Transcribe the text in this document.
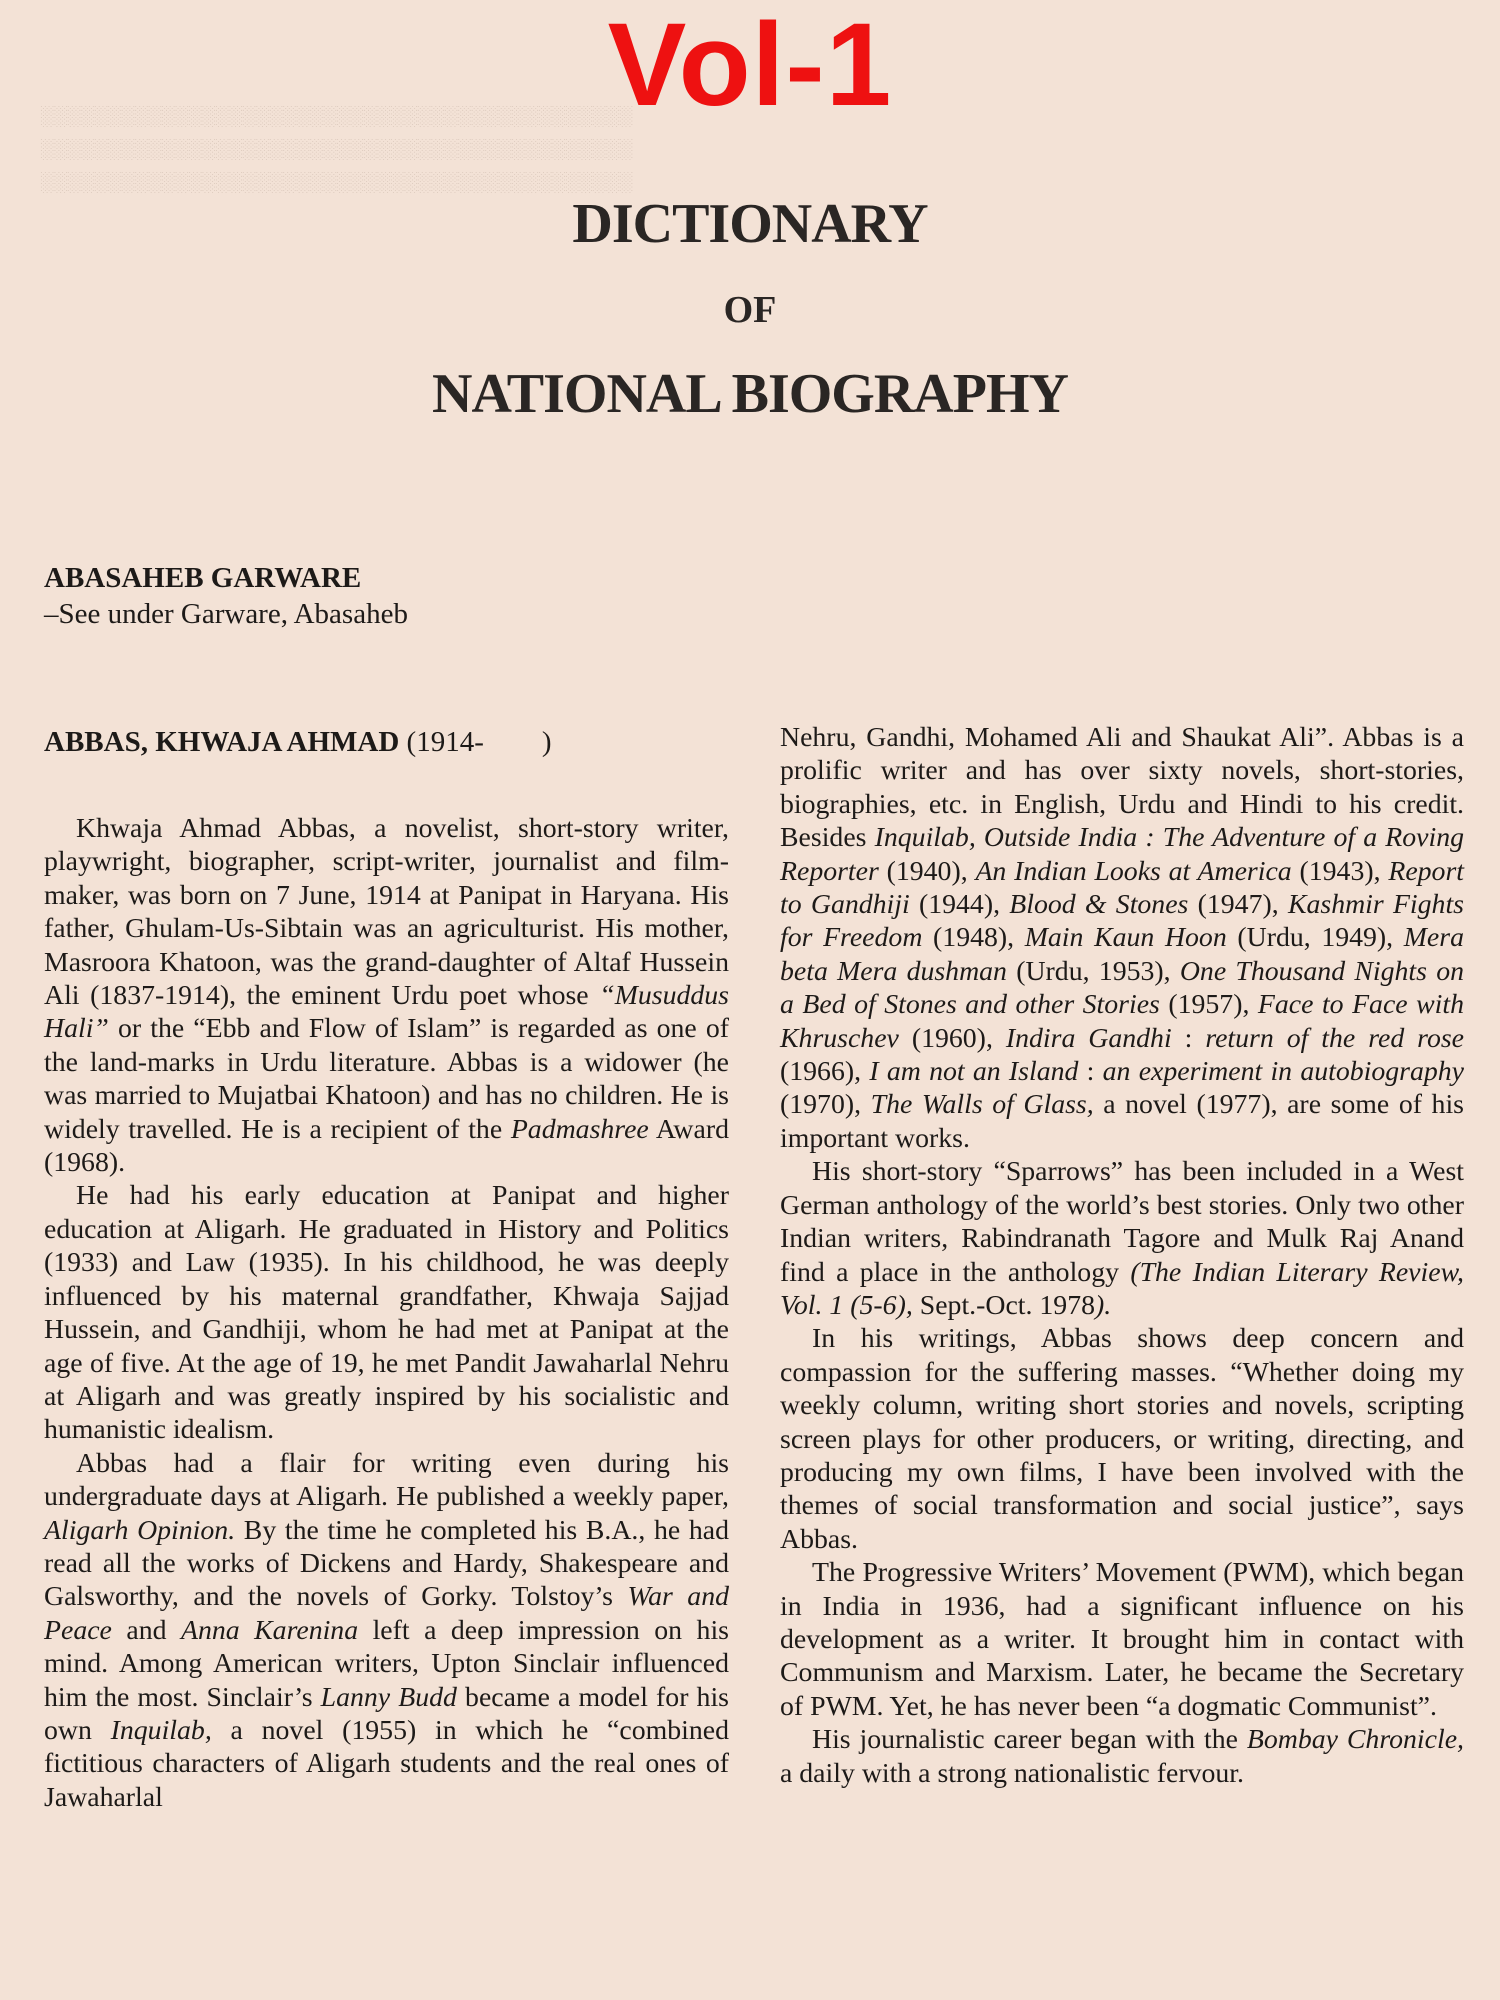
░░░░░░░░░░░░░░░░░░░░░░░░░░░░░░░░░░░░░░░░░░░░
░░░░░░░░░░░░░░░░░░░░░░░░░░░░░░░░░░░░░░░░░░░░
░░░░░░░░░░░░░░░░░░░░░░░░░░░░░░░░░░░░░░░░░░░░
Vol-1
DICTIONARY
OF
NATIONAL BIOGRAPHY
ABASAHEB GARWARE
–See under Garware, Abasaheb
ABBAS, KHWAJA AHMAD (1914-        )

Khwaja Ahmad Abbas, a novelist, short-story writer, playwright, biographer, script-writer, journalist and film-maker, was born on 7 June, 1914 at Panipat in Haryana. His father, Ghulam-Us-Sibtain was an agriculturist. His mother, Masroora Khatoon, was the grand-daughter of Altaf Hussein Ali (1837-1914), the eminent Urdu poet whose “Musuddus Hali” or the “Ebb and Flow of Islam” is regarded as one of the land-marks in Urdu literature. Abbas is a widower (he was married to Mujatbai Khatoon) and has no children. He is widely travelled. He is a recipient of the Padmashree Award (1968).

He had his early education at Panipat and higher education at Aligarh. He graduated in History and Politics (1933) and Law (1935). In his childhood, he was deeply influenced by his maternal grandfather, Khwaja Sajjad Hussein, and Gandhiji, whom he had met at Panipat at the age of five. At the age of 19, he met Pandit Jawaharlal Nehru at Aligarh and was greatly inspired by his socialistic and humanistic idealism.

Abbas had a flair for writing even during his undergraduate days at Aligarh. He published a weekly paper, Aligarh Opinion. By the time he completed his B.A., he had read all the works of Dickens and Hardy, Shakespeare and Galsworthy, and the novels of Gorky. Tolstoy’s War and Peace and Anna Karenina left a deep impression on his mind. Among American writers, Upton Sinclair influenced him the most. Sinclair’s Lanny Budd became a model for his own Inquilab, a novel (1955) in which he “combined fictitious characters of Aligarh students and the real ones of Jawaharlal

Nehru, Gandhi, Mohamed Ali and Shaukat Ali”. Abbas is a prolific writer and has over sixty novels, short-stories, biographies, etc. in English, Urdu and Hindi to his credit. Besides Inquilab, Outside India : The Adventure of a Roving Reporter (1940), An Indian Looks at America (1943), Report to Gandhiji (1944), Blood & Stones (1947), Kashmir Fights for Freedom (1948), Main Kaun Hoon (Urdu, 1949), Mera beta Mera dushman (Urdu, 1953), One Thousand Nights on a Bed of Stones and other Stories (1957), Face to Face with Khruschev (1960), Indira Gandhi : return of the red rose (1966), I am not an Island : an experiment in autobiography (1970), The Walls of Glass, a novel (1977), are some of his important works.

His short-story “Sparrows” has been included in a West German anthology of the world’s best stories. Only two other Indian writers, Rabindranath Tagore and Mulk Raj Anand find a place in the anthology (The Indian Literary Review, Vol. 1 (5-6), Sept.-Oct. 1978).

In his writings, Abbas shows deep concern and compassion for the suffering masses. “Whether doing my weekly column, writing short stories and novels, scripting screen plays for other producers, or writing, directing, and producing my own films, I have been involved with the themes of social transformation and social justice”, says Abbas.

The Progressive Writers’ Movement (PWM), which began in India in 1936, had a significant influence on his development as a writer. It brought him in contact with Communism and Marxism. Later, he became the Secretary of PWM. Yet, he has never been “a dogmatic Communist”.

His journalistic career began with the Bombay Chronicle, a daily with a strong nationalistic fervour.
